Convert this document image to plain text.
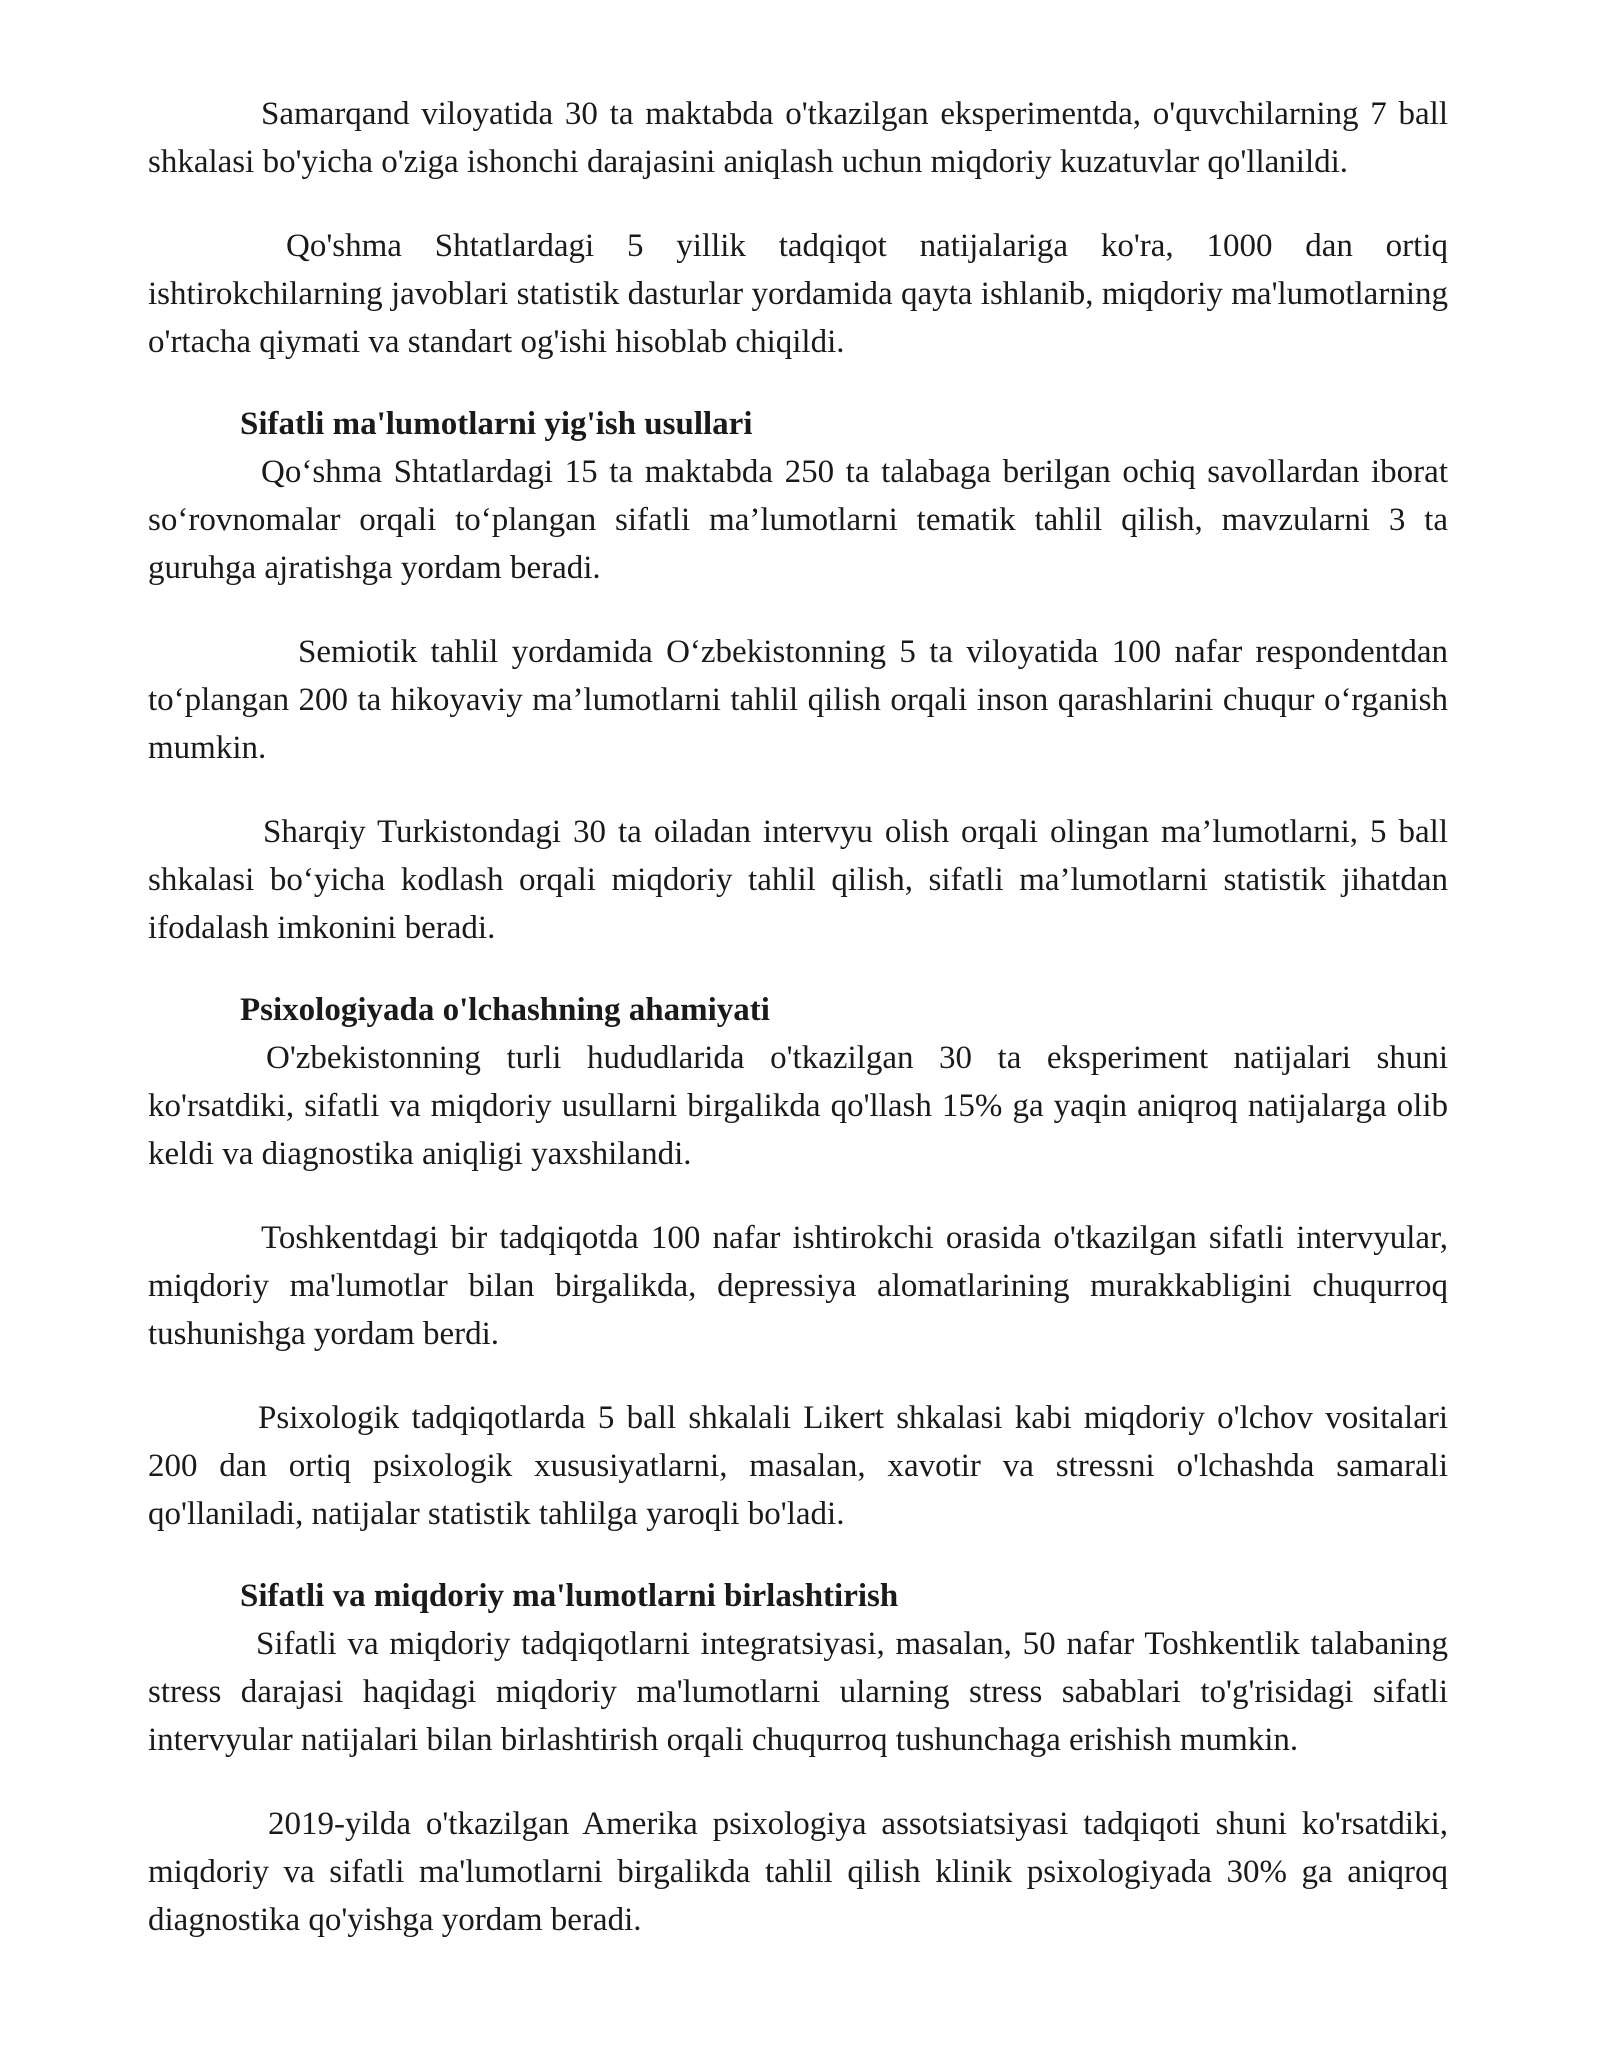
Samarqand viloyatida 30 ta maktabda o'tkazilgan eksperimentda, o'quvchilarning 7 ball shkalasi bo'yicha o'ziga ishonchi darajasini aniqlash uchun miqdoriy kuzatuvlar qo'llanildi.

Qo'shma Shtatlardagi 5 yillik tadqiqot natijalariga ko'ra, 1000 dan ortiq ishtirokchilarning javoblari statistik dasturlar yordamida qayta ishlanib, miqdoriy ma'lumotlarning o'rtacha qiymati va standart og'ishi hisoblab chiqildi.

Sifatli ma'lumotlarni yig'ish usullari

Qo‘shma Shtatlardagi 15 ta maktabda 250 ta talabaga berilgan ochiq savollardan iborat so‘rovnomalar orqali to‘plangan sifatli ma’lumotlarni tematik tahlil qilish, mavzularni 3 ta guruhga ajratishga yordam beradi.

Semiotik tahlil yordamida O‘zbekistonning 5 ta viloyatida 100 nafar respondentdan to‘plangan 200 ta hikoyaviy ma’lumotlarni tahlil qilish orqali inson qarashlarini chuqur o‘rganish mumkin.

Sharqiy Turkistondagi 30 ta oiladan intervyu olish orqali olingan ma’lumotlarni, 5 ball shkalasi bo‘yicha kodlash orqali miqdoriy tahlil qilish, sifatli ma’lumotlarni statistik jihatdan ifodalash imkonini beradi.

Psixologiyada o'lchashning ahamiyati

O'zbekistonning turli hududlarida o'tkazilgan 30 ta eksperiment natijalari shuni ko'rsatdiki, sifatli va miqdoriy usullarni birgalikda qo'llash 15% ga yaqin aniqroq natijalarga olib keldi va diagnostika aniqligi yaxshilandi.

Toshkentdagi bir tadqiqotda 100 nafar ishtirokchi orasida o'tkazilgan sifatli intervyular, miqdoriy ma'lumotlar bilan birgalikda, depressiya alomatlarining murakkabligini chuqurroq tushunishga yordam berdi.

Psixologik tadqiqotlarda 5 ball shkalali Likert shkalasi kabi miqdoriy o'lchov vositalari 200 dan ortiq psixologik xususiyatlarni, masalan, xavotir va stressni o'lchashda samarali qo'llaniladi, natijalar statistik tahlilga yaroqli bo'ladi.

Sifatli va miqdoriy ma'lumotlarni birlashtirish

Sifatli va miqdoriy tadqiqotlarni integratsiyasi, masalan, 50 nafar Toshkentlik talabaning stress darajasi haqidagi miqdoriy ma'lumotlarni ularning stress sabablari to'g'risidagi sifatli intervyular natijalari bilan birlashtirish orqali chuqurroq tushunchaga erishish mumkin.

2019-yilda o'tkazilgan Amerika psixologiya assotsiatsiyasi tadqiqoti shuni ko'rsatdiki, miqdoriy va sifatli ma'lumotlarni birgalikda tahlil qilish klinik psixologiyada 30% ga aniqroq diagnostika qo'yishga yordam beradi.
